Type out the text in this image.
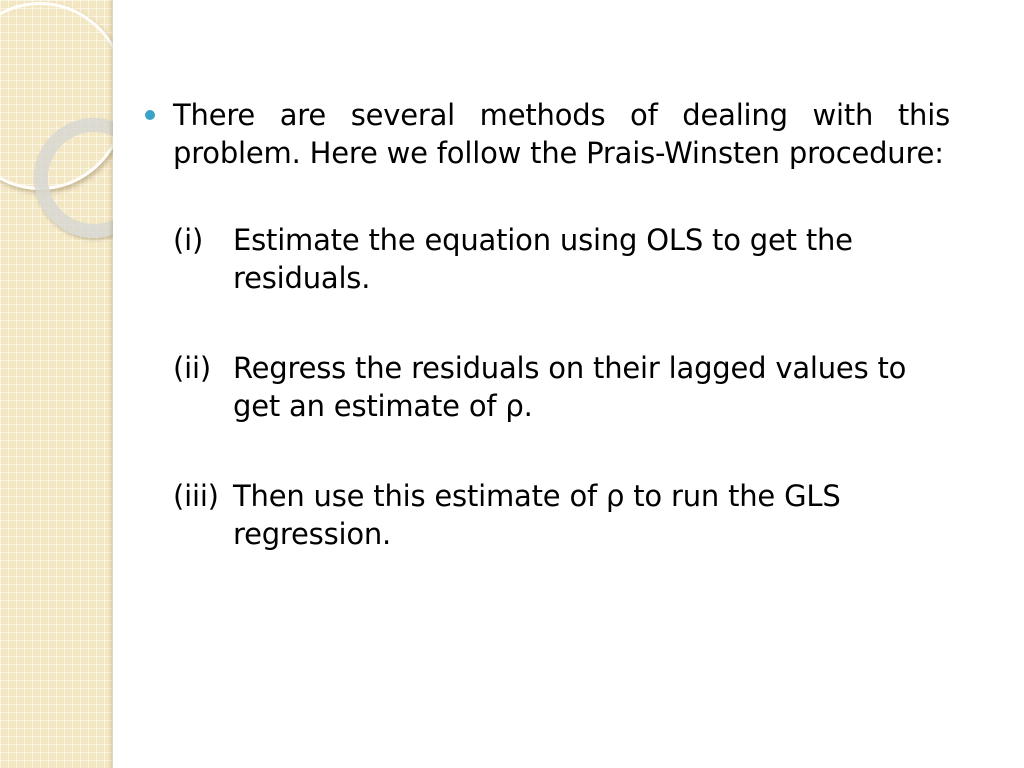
There are several methods of dealing with this problem. Here we follow the Prais-Winsten procedure:
(i)	Estimate the equation using OLS to get the residuals.
(ii) Regress the residuals on their lagged values to get an estimate of ρ.
(iii) Then use this estimate of ρ to run the GLS regression.
